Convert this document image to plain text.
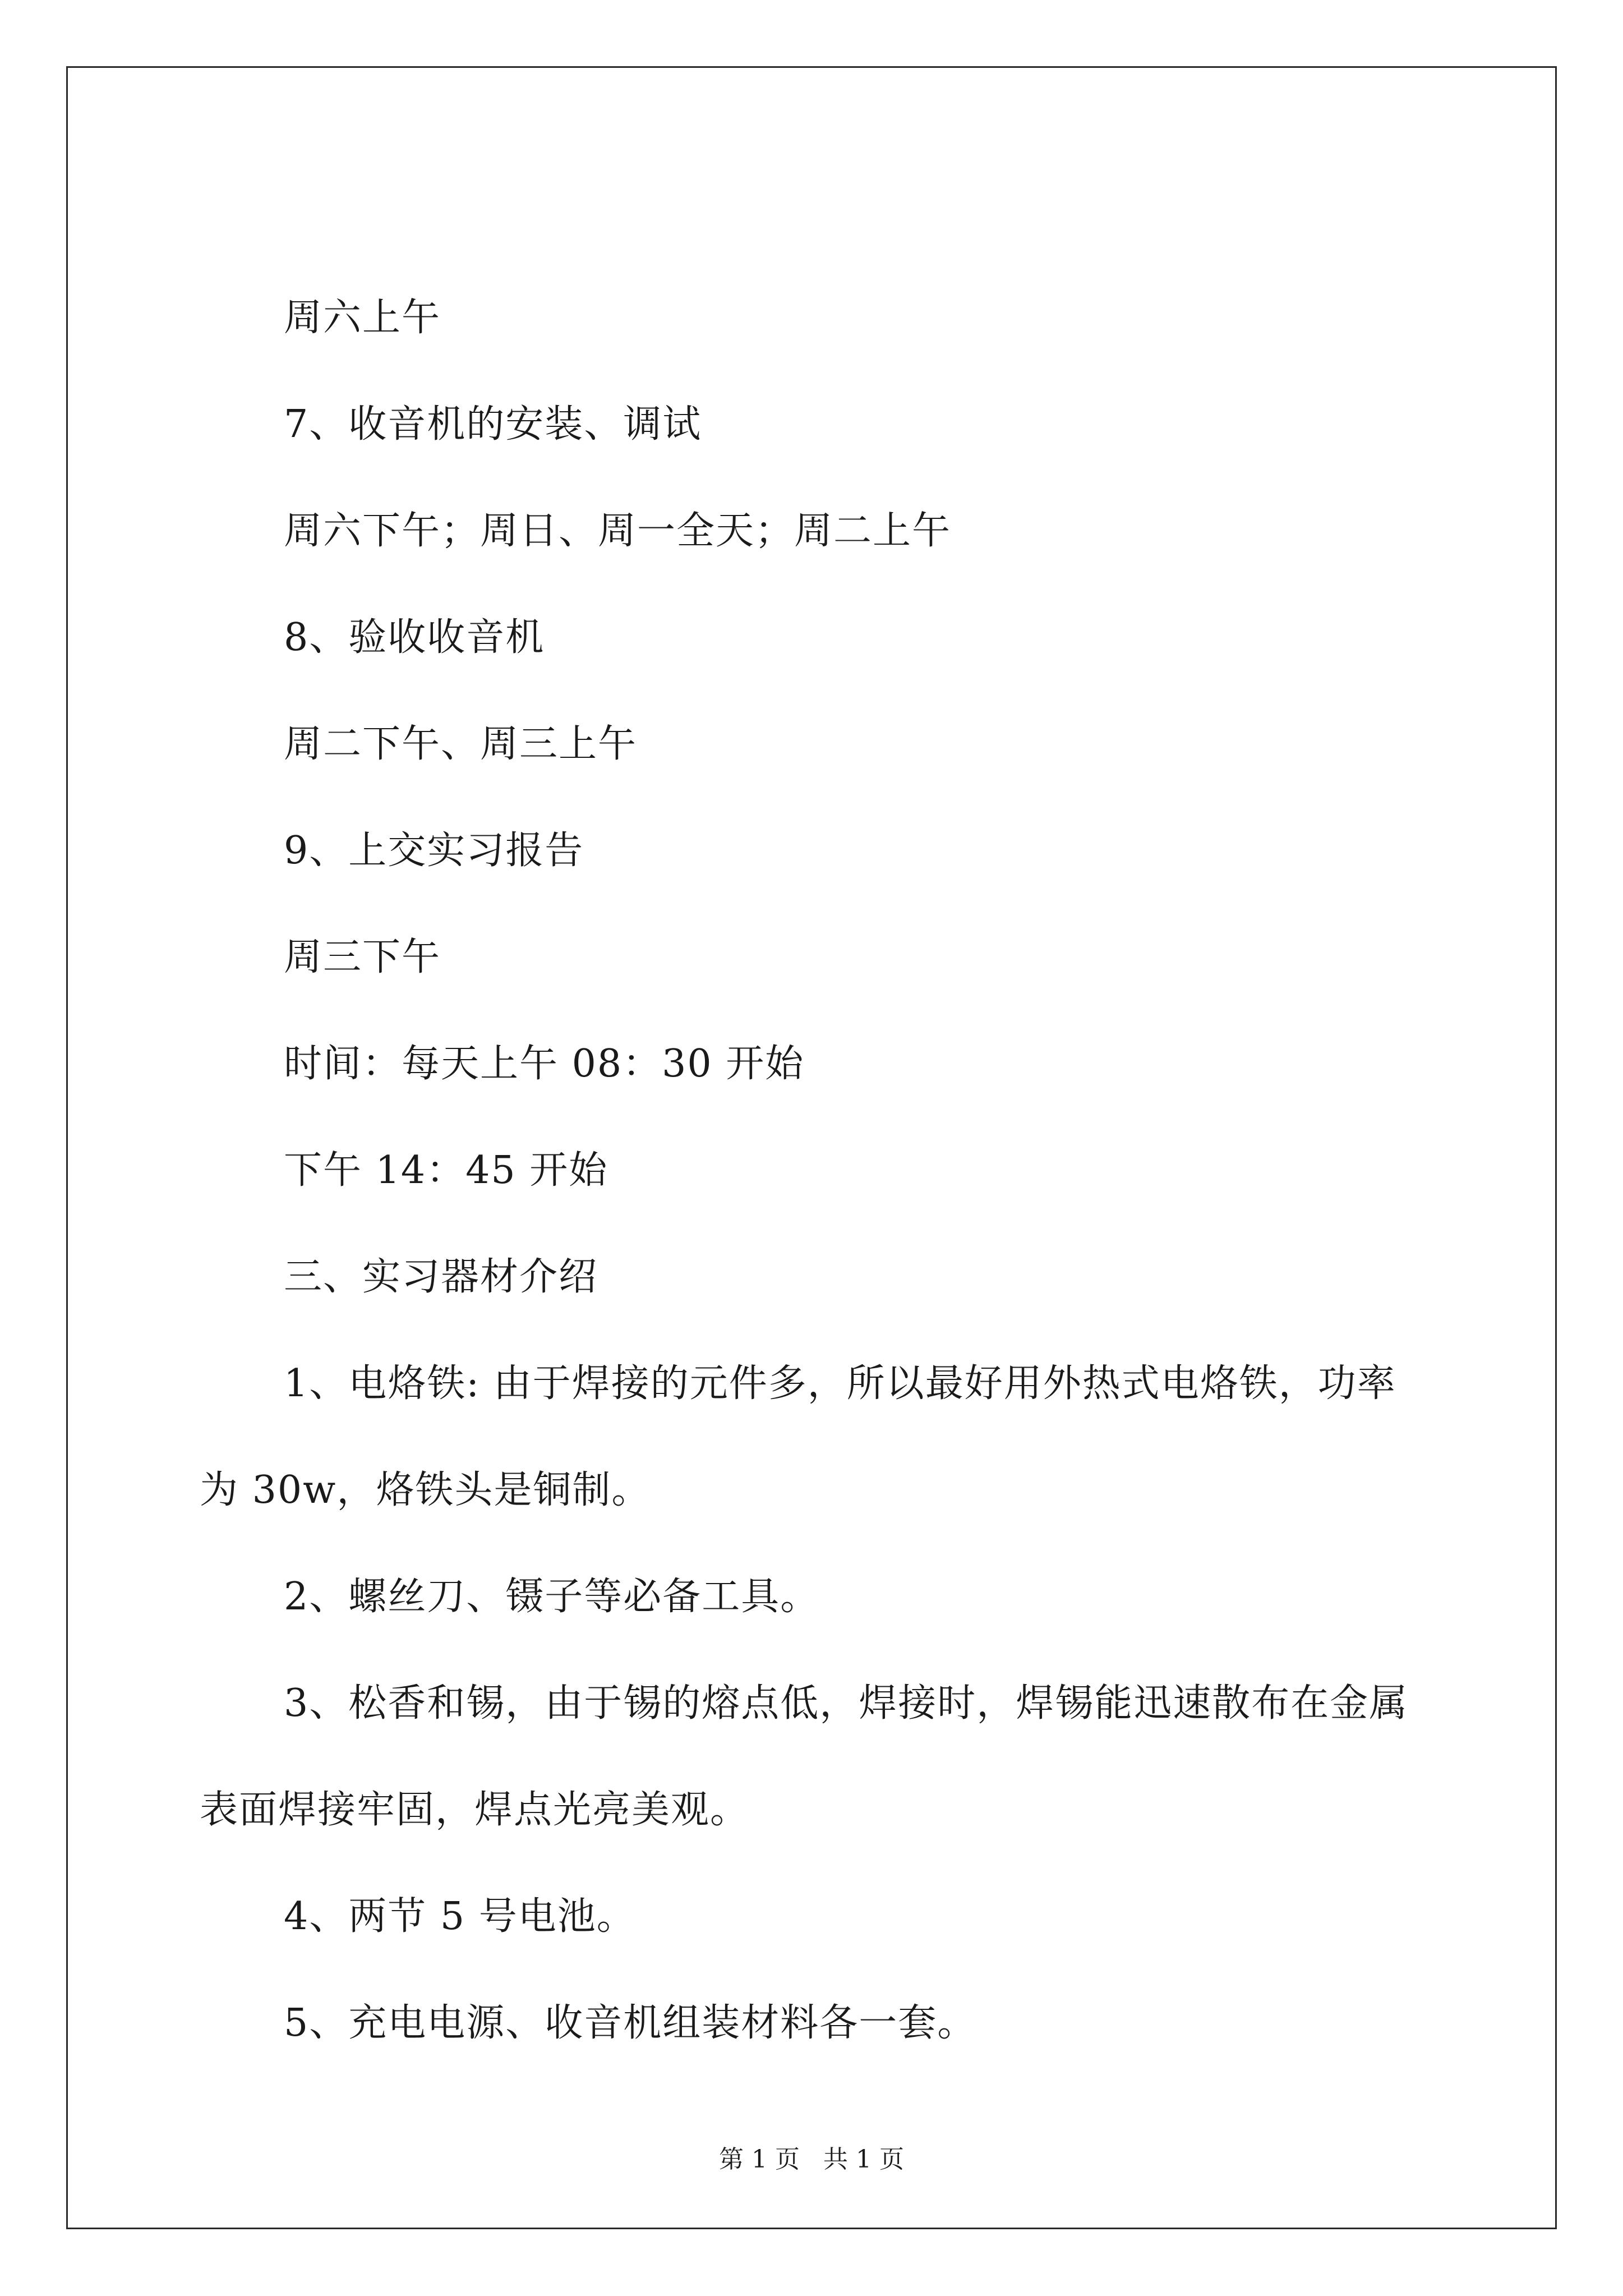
周六上午
7、收音机的安装、调试
周六下午；周日、周一全天；周二上午
8、验收收音机
周二下午、周三上午
9、上交实习报告
周三下午
时间：每天上午 08：30 开始
下午 14：45 开始
三、实习器材介绍
1、电烙铁: 由于焊接的元件多，所以最好用外热式电烙铁，功率
为 30w，烙铁头是铜制。
2、螺丝刀、镊子等必备工具。
3、松香和锡，由于锡的熔点低，焊接时，焊锡能迅速散布在金属
表面焊接牢固，焊点光亮美观。
4、两节 5 号电池。
5、充电电源、收音机组装材料各一套。
第 1 页 共 1 页
